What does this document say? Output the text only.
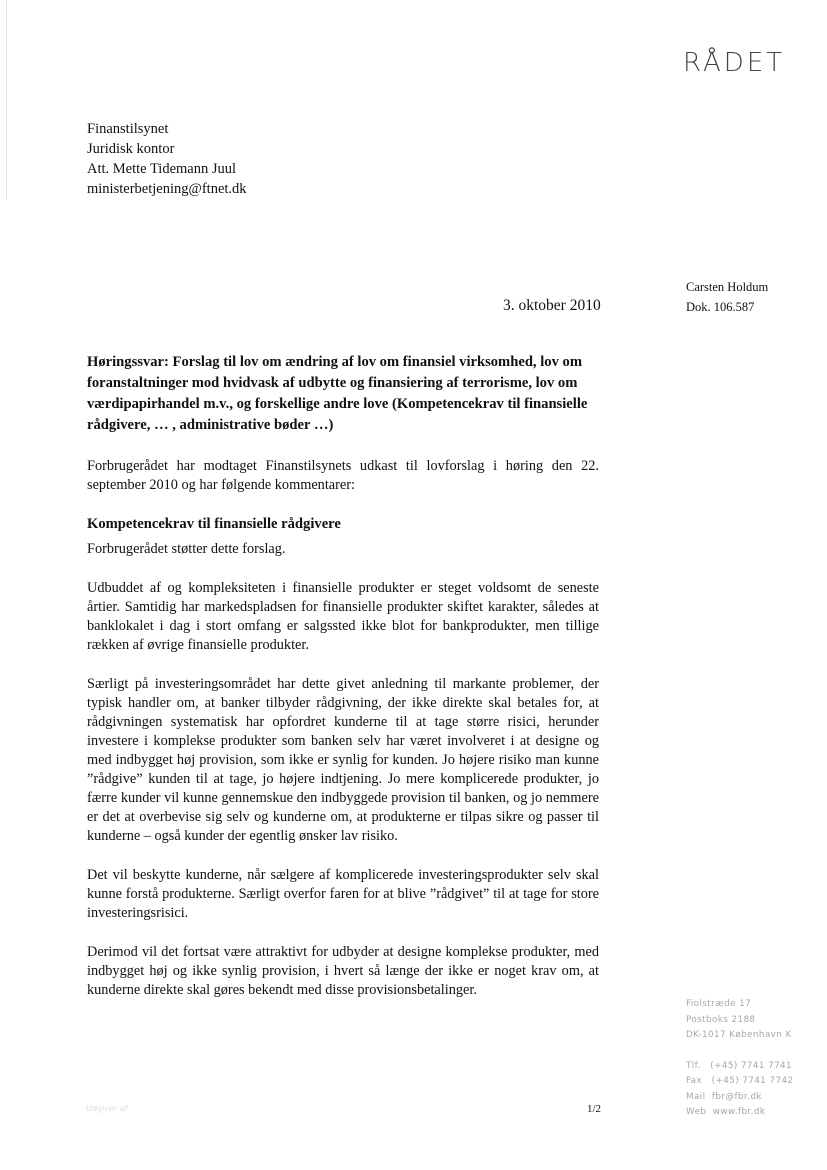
RÅDET
Finanstilsynet
Juridisk kontor
Att. Mette Tidemann Juul
ministerbetjening@ftnet.dk
Carsten Holdum
Dok. 106.587
3. oktober 2010
Høringssvar: Forslag til lov om ændring af lov om finansiel virksomhed, lov om foranstaltninger mod hvidvask af udbytte og finansiering af terrorisme, lov om værdipapirhandel m.v., og forskellige andre love (Kompetencekrav til finansielle rådgivere, … , administrative bøder …)

Forbrugerådet har modtaget Finanstilsynets udkast til lovforslag i høring den 22. september 2010 og har følgende kommentarer:

Kompetencekrav til finansielle rådgivere

Forbrugerådet støtter dette forslag.

Udbuddet af og kompleksiteten i finansielle produkter er steget voldsomt de seneste årtier. Samtidig har markedspladsen for finansielle produkter skiftet karakter, således at banklokalet i dag i stort omfang er salgssted ikke blot for bankprodukter, men tillige rækken af øvrige finansielle produkter.

Særligt på investeringsområdet har dette givet anledning til markante problemer, der typisk handler om, at banker tilbyder rådgivning, der ikke direkte skal betales for, at rådgivningen systematisk har opfordret kunderne til at tage større risici, herunder investere i komplekse produkter som banken selv har været involveret i at designe og med indbygget høj provision, som ikke er synlig for kunden. Jo højere risiko man kunne ”rådgive” kunden til at tage, jo højere indtjening. Jo mere komplicerede produkter, jo færre kunder vil kunne gennemskue den indbyggede provision til banken, og jo nemmere er det at overbevise sig selv og kunderne om, at produkterne er tilpas sikre og passer til kunderne – også kunder der egentlig ønsker lav risiko.

Det vil beskytte kunderne, når sælgere af komplicerede investeringsprodukter selv skal kunne forstå produkterne. Særligt overfor faren for at blive ”rådgivet” til at tage for store investeringsrisici.

Derimod vil det fortsat være attraktivt for udbyder at designe komplekse produkter, med indbygget høj og ikke synlig provision, i hvert så længe der ikke er noget krav om, at kunderne direkte skal gøres bekendt med disse provisionsbetalinger.

Fiolstræde 17
Postboks 2188
DK-1017 København K
Tlf.   (+45) 7741 7741
Fax   (+45) 7741 7742
Mail  fbr@fbr.dk
Web  www.fbr.dk
Udgiver af	1/2
